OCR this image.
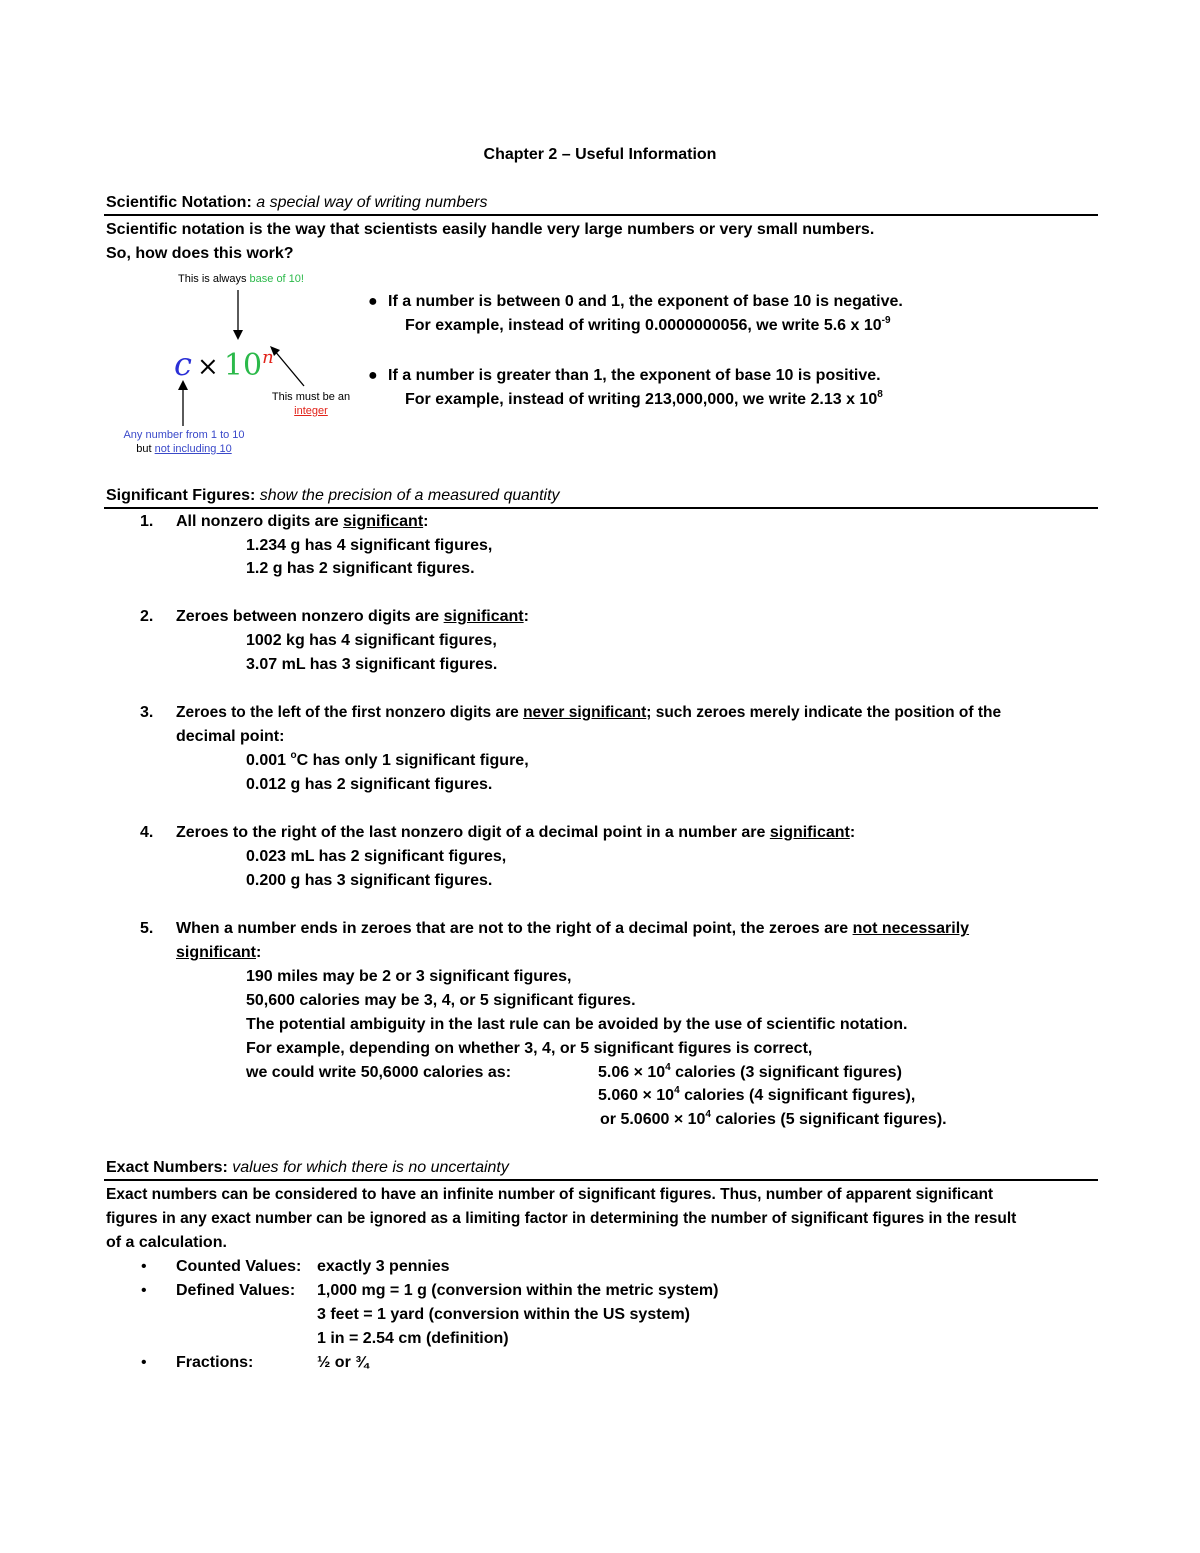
Chapter 2 – Useful Information
Scientific Notation: a special way of writing numbers
Scientific notation is the way that scientists easily handle very large numbers or very small numbers.
So, how does this work?
This is always base of 10!
c × 10n
This must be an
integer
Any number from 1 to 10
but not including 10
● If a number is between 0 and 1, the exponent of base 10 is negative.
For example, instead of writing 0.0000000056, we write 5.6 x $10^{-9}$
● If a number is greater than 1, the exponent of base 10 is positive.
For example, instead of writing 213,000,000, we write 2.13 x $10^8$
Significant Figures: show the precision of a measured quantity
1. All nonzero digits are significant:
1.234 g has 4 significant figures,
1.2 g has 2 significant figures.
2. Zeroes between nonzero digits are significant:
1002 kg has 4 significant figures,
3.07 mL has 3 significant figures.
3. Zeroes to the left of the first nonzero digits are never significant; such zeroes merely indicate the position of the
decimal point:
0.001 $^o$C has only 1 significant figure,
0.012 g has 2 significant figures.
4. Zeroes to the right of the last nonzero digit of a decimal point in a number are significant:
0.023 mL has 2 significant figures,
0.200 g has 3 significant figures.
5. When a number ends in zeroes that are not to the right of a decimal point, the zeroes are not necessarily
significant:
190 miles may be 2 or 3 significant figures,
50,600 calories may be 3, 4, or 5 significant figures.
The potential ambiguity in the last rule can be avoided by the use of scientific notation.
For example, depending on whether 3, 4, or 5 significant figures is correct,
we could write 50,6000 calories as:	$5.06 \times 10^4$ calories (3 significant figures)
$5.060 \times 10^4$ calories (4 significant figures),
or $5.0600 \times 10^4$ calories (5 significant figures).
Exact Numbers: values for which there is no uncertainty
Exact numbers can be considered to have an infinite number of significant figures. Thus, number of apparent significant
figures in any exact number can be ignored as a limiting factor in determining the number of significant figures in the result
of a calculation.
• Counted Values: exactly 3 pennies
• Defined Values: 1,000 mg = 1 g (conversion within the metric system)
3 feet = 1 yard (conversion within the US system)
1 in = 2.54 cm (definition)
• Fractions:	½ or ¾
